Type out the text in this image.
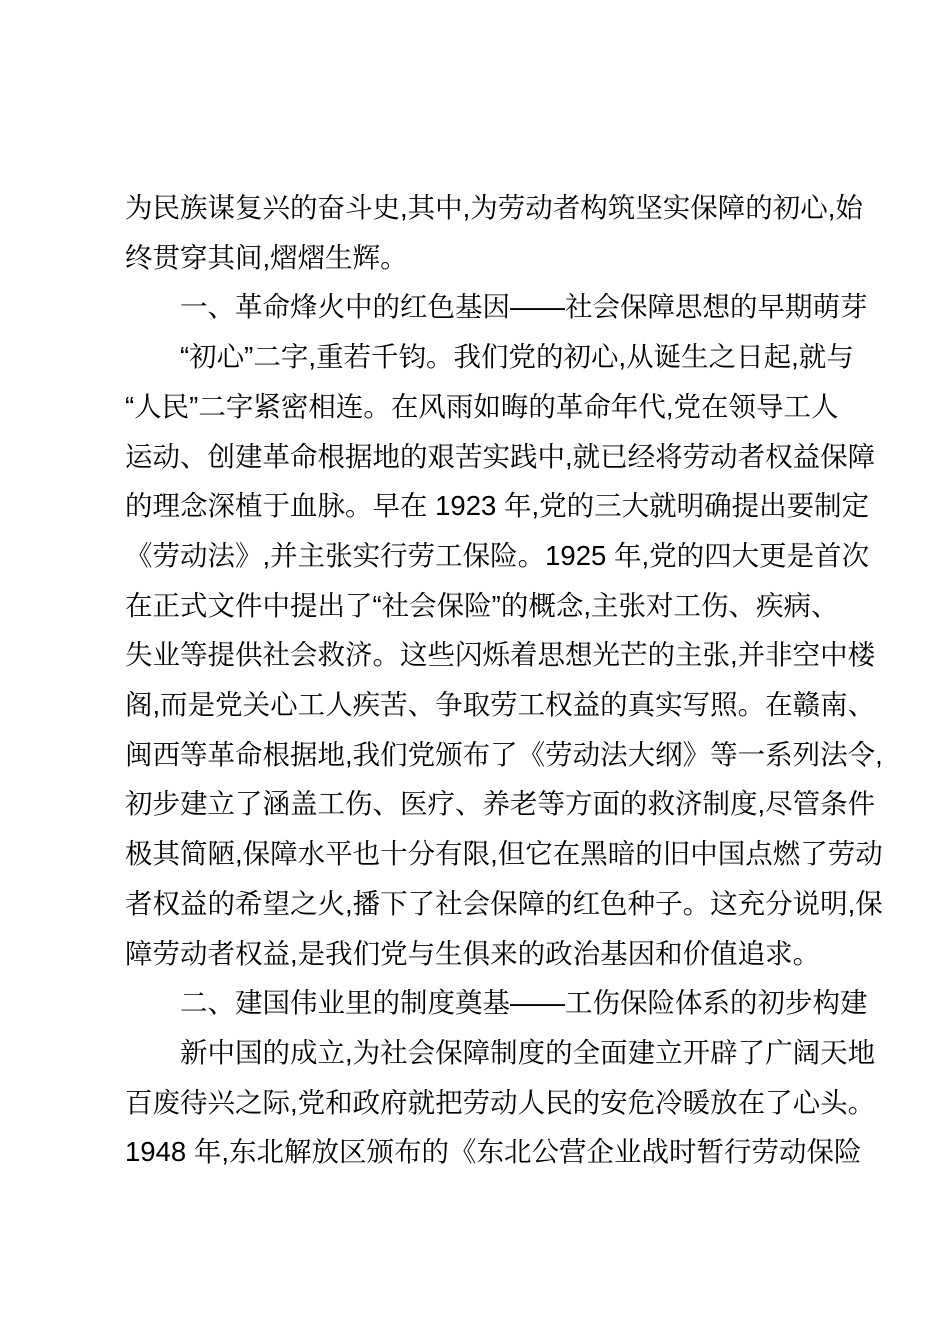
为民族谋复兴的奋斗史,其中,为劳动者构筑坚实保障的初心,始
终贯穿其间,熠熠生辉。
一、革命烽火中的红色基因——社会保障思想的早期萌芽
“初心”二字,重若千钧。我们党的初心,从诞生之日起,就与
“人民”二字紧密相连。在风雨如晦的革命年代,党在领导工人
运动、创建革命根据地的艰苦实践中,就已经将劳动者权益保障
的理念深植于血脉。早在 1923 年,党的三大就明确提出要制定
《劳动法》,并主张实行劳工保险。1925 年,党的四大更是首次
在正式文件中提出了“社会保险”的概念,主张对工伤、疾病、
失业等提供社会救济。这些闪烁着思想光芒的主张,并非空中楼
阁,而是党关心工人疾苦、争取劳工权益的真实写照。在赣南、
闽西等革命根据地,我们党颁布了《劳动法大纲》等一系列法令,
初步建立了涵盖工伤、医疗、养老等方面的救济制度,尽管条件
极其简陋,保障水平也十分有限,但它在黑暗的旧中国点燃了劳动
者权益的希望之火,播下了社会保障的红色种子。这充分说明,保
障劳动者权益,是我们党与生俱来的政治基因和价值追求。
二、建国伟业里的制度奠基——工伤保险体系的初步构建
新中国的成立,为社会保障制度的全面建立开辟了广阔天地
百废待兴之际,党和政府就把劳动人民的安危冷暖放在了心头。
1948 年,东北解放区颁布的《东北公营企业战时暂行劳动保险
